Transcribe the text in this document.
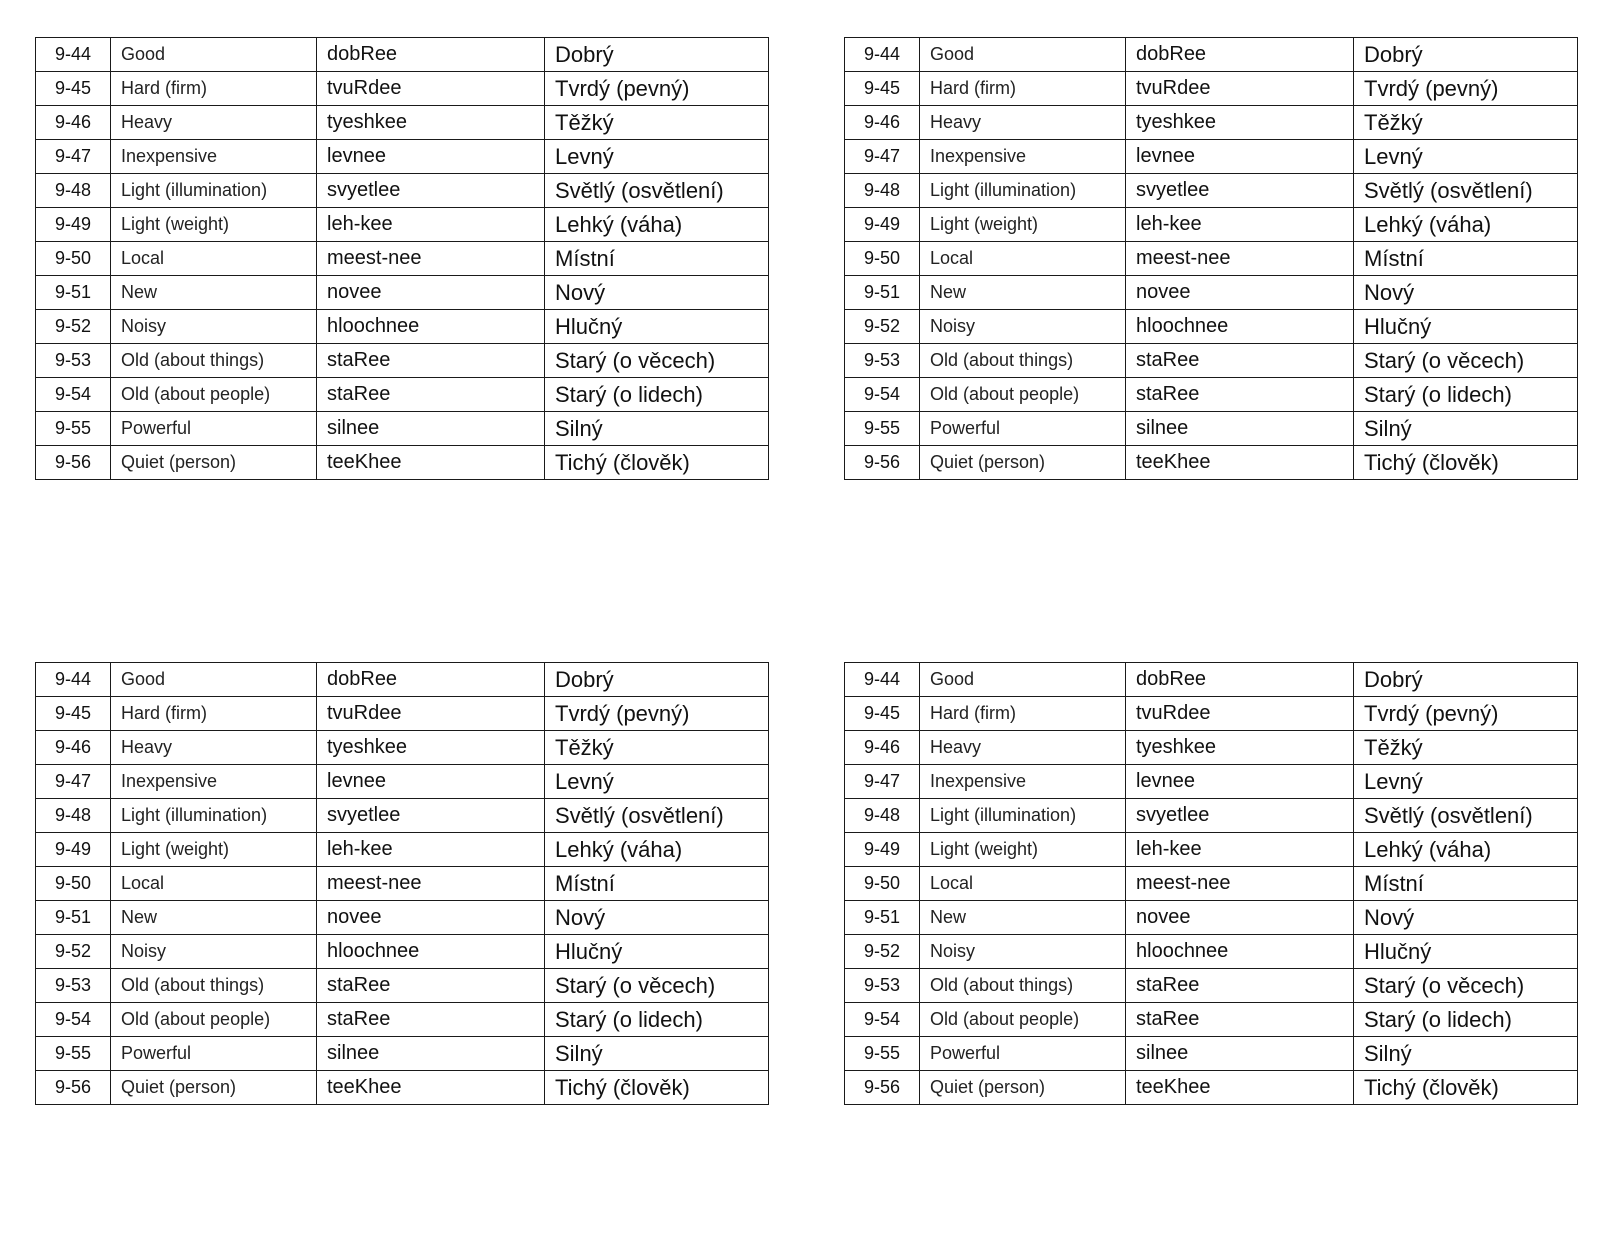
9-44	Good	dobRee	Dobrý
9-45	Hard (firm)	tvuRdee	Tvrdý (pevný)
9-46	Heavy	tyeshkee	Těžký
9-47	Inexpensive	levnee	Levný
9-48	Light (illumination)	svyetlee	Světlý (osvětlení)
9-49	Light (weight)	leh-kee	Lehký (váha)
9-50	Local	meest-nee	Místní
9-51	New	novee	Nový
9-52	Noisy	hloochnee	Hlučný
9-53	Old (about things)	staRee	Starý (o věcech)
9-54	Old (about people)	staRee	Starý (o lidech)
9-55	Powerful	silnee	Silný
9-56	Quiet (person)	teeKhee	Tichý (člověk)
9-44	Good	dobRee	Dobrý
9-45	Hard (firm)	tvuRdee	Tvrdý (pevný)
9-46	Heavy	tyeshkee	Těžký
9-47	Inexpensive	levnee	Levný
9-48	Light (illumination)	svyetlee	Světlý (osvětlení)
9-49	Light (weight)	leh-kee	Lehký (váha)
9-50	Local	meest-nee	Místní
9-51	New	novee	Nový
9-52	Noisy	hloochnee	Hlučný
9-53	Old (about things)	staRee	Starý (o věcech)
9-54	Old (about people)	staRee	Starý (o lidech)
9-55	Powerful	silnee	Silný
9-56	Quiet (person)	teeKhee	Tichý (člověk)
9-44	Good	dobRee	Dobrý
9-45	Hard (firm)	tvuRdee	Tvrdý (pevný)
9-46	Heavy	tyeshkee	Těžký
9-47	Inexpensive	levnee	Levný
9-48	Light (illumination)	svyetlee	Světlý (osvětlení)
9-49	Light (weight)	leh-kee	Lehký (váha)
9-50	Local	meest-nee	Místní
9-51	New	novee	Nový
9-52	Noisy	hloochnee	Hlučný
9-53	Old (about things)	staRee	Starý (o věcech)
9-54	Old (about people)	staRee	Starý (o lidech)
9-55	Powerful	silnee	Silný
9-56	Quiet (person)	teeKhee	Tichý (člověk)
9-44	Good	dobRee	Dobrý
9-45	Hard (firm)	tvuRdee	Tvrdý (pevný)
9-46	Heavy	tyeshkee	Těžký
9-47	Inexpensive	levnee	Levný
9-48	Light (illumination)	svyetlee	Světlý (osvětlení)
9-49	Light (weight)	leh-kee	Lehký (váha)
9-50	Local	meest-nee	Místní
9-51	New	novee	Nový
9-52	Noisy	hloochnee	Hlučný
9-53	Old (about things)	staRee	Starý (o věcech)
9-54	Old (about people)	staRee	Starý (o lidech)
9-55	Powerful	silnee	Silný
9-56	Quiet (person)	teeKhee	Tichý (člověk)
